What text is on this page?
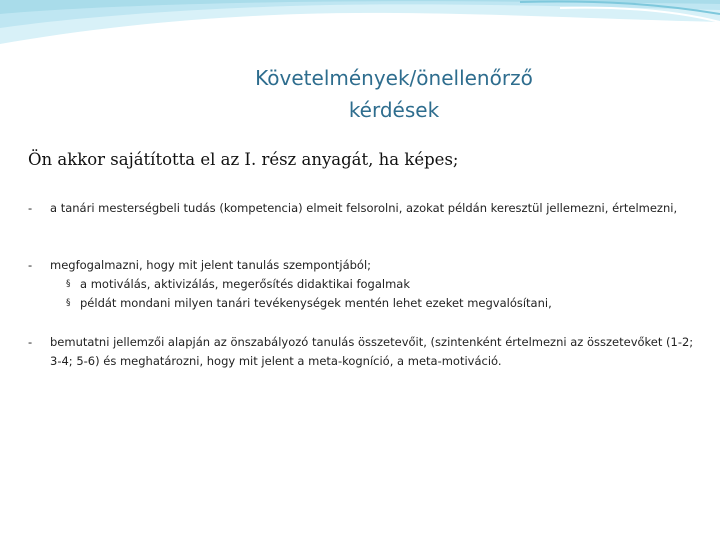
Követelmények/önellenőrző
kérdések
Ön akkor sajátította el az I. rész anyagát, ha képes;
- a tanári mesterségbeli tudás (kompetencia) elmeit felsorolni, azokat példán keresztül jellemezni, értelmezni,
- megfogalmazni, hogy mit jelent tanulás szempontjából;
§ a motiválás, aktivizálás, megerősítés didaktikai fogalmak
§ példát mondani milyen tanári tevékenységek mentén lehet ezeket megvalósítani,
- bemutatni jellemzői alapján az önszabályozó tanulás összetevőit, (szintenként értelmezni az összetevőket (1-2; 3-4; 5-6) és meghatározni, hogy mit jelent a meta-kogníció, a meta-motiváció.
